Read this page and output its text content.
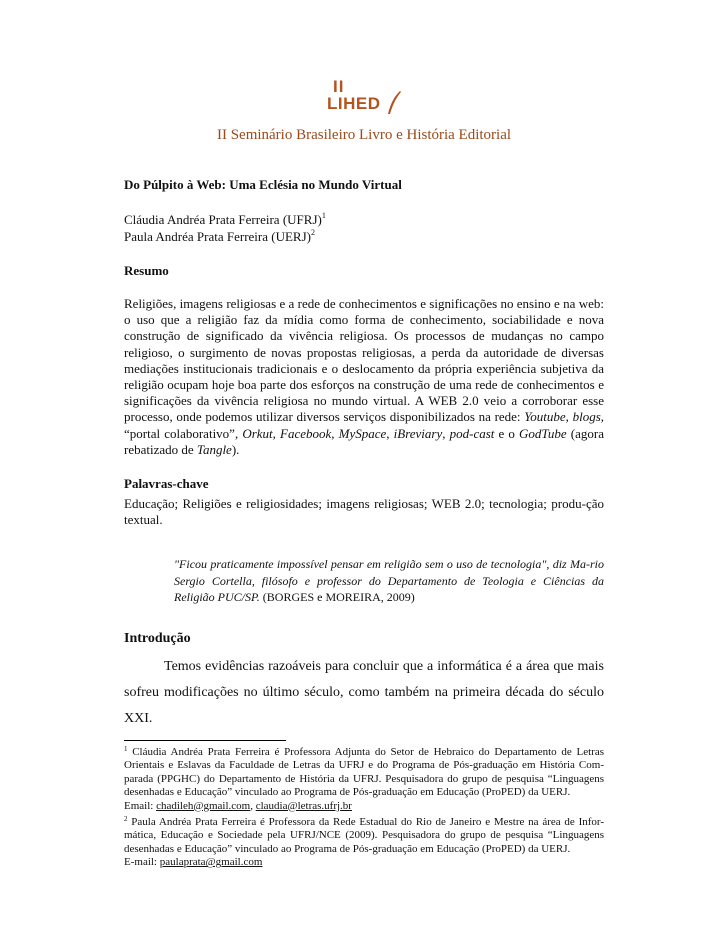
II
LIHED
II Seminário Brasileiro Livro e História Editorial
Do Púlpito à Web: Uma Eclésia no Mundo Virtual
Cláudia Andréa Prata Ferreira (UFRJ)$^1$
Paula Andréa Prata Ferreira (UERJ)$^2$
Resumo
Religiões, imagens religiosas e a rede de conhecimentos e significações no ensino e na web: o uso que a religião faz da mídia como forma de conhecimento, sociabilidade e nova construção de significado da vivência religiosa. Os processos de mudanças no campo religioso, o surgimento de novas propostas religiosas, a perda da autoridade de diversas mediações institucionais tradicionais e o deslocamento da própria experiência subjetiva da religião ocupam hoje boa parte dos esforços na construção de uma rede de conhecimentos e significações da vivência religiosa no mundo virtual. A WEB 2.0 veio a corroborar esse processo, onde podemos utilizar diversos serviços disponibilizados na rede: Youtube, blogs, “portal colaborativo”, Orkut, Facebook, MySpace, iBreviary, pod-cast e o GodTube (agora rebatizado de Tangle).
Palavras-chave
Educação; Religiões e religiosidades; imagens religiosas; WEB 2.0; tecnologia; produ-ção textual.
"Ficou praticamente impossível pensar em religião sem o uso de tecnologia", diz Ma-rio Sergio Cortella, filósofo e professor do Departamento de Teologia e Ciências da Religião PUC/SP. (BORGES e MOREIRA, 2009)
Introdução
Temos evidências razoáveis para concluir que a informática é a área que mais sofreu modificações no último século, como também na primeira década do século XXI.
$^1$ Cláudia Andréa Prata Ferreira é Professora Adjunta do Setor de Hebraico do Departamento de Letras Orientais e Eslavas da Faculdade de Letras da UFRJ e do Programa de Pós-graduação em História Com-parada (PPGHC) do Departamento de História da UFRJ. Pesquisadora do grupo de pesquisa “Linguagens desenhadas e Educação” vinculado ao Programa de Pós-graduação em Educação (ProPED) da UERJ.
Email: chadileh@gmail.com, claudia@letras.ufrj.br
$^2$ Paula Andréa Prata Ferreira é Professora da Rede Estadual do Rio de Janeiro e Mestre na área de Infor-mática, Educação e Sociedade pela UFRJ/NCE (2009). Pesquisadora do grupo de pesquisa “Linguagens desenhadas e Educação” vinculado ao Programa de Pós-graduação em Educação (ProPED) da UERJ.
E-mail: paulaprata@gmail.com
